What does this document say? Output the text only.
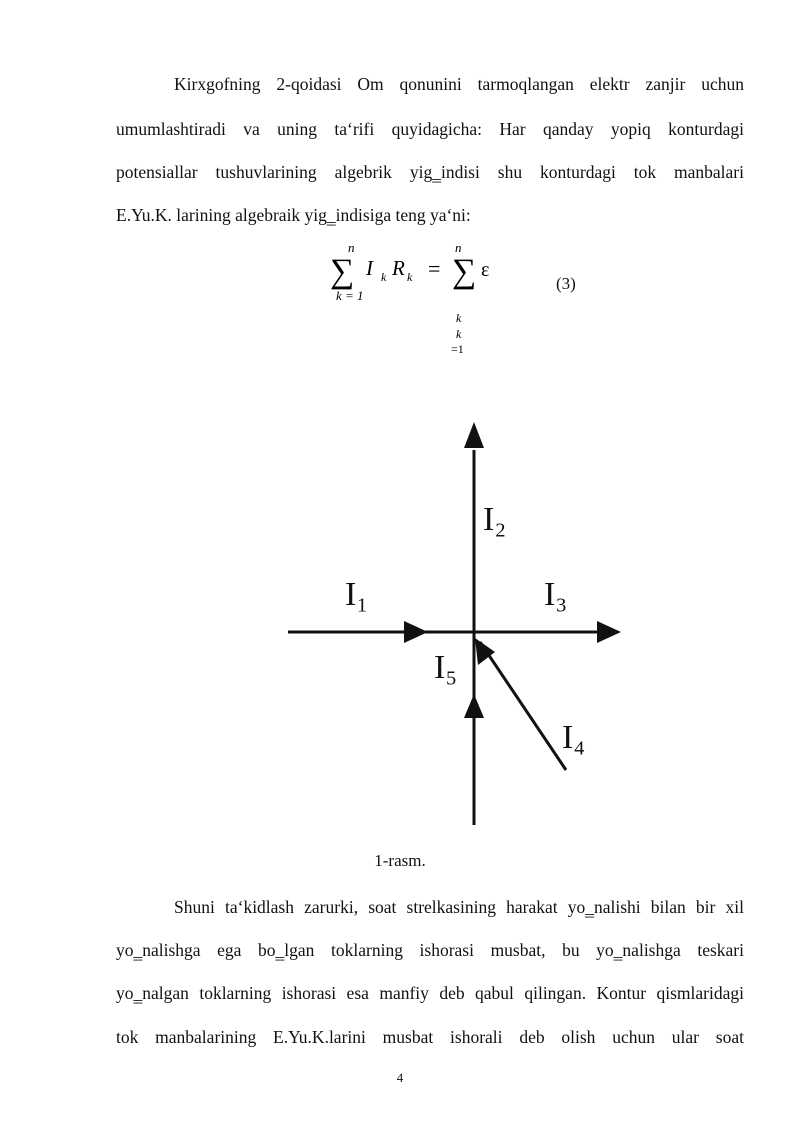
Kirxgofning 2-qoidasi Om qonunini tarmoqlangan elektr zanjir uchun

umumlashtiradi va uning ta‘rifi quyidagicha: Har qanday yopiq konturdagi

potensiallar tushuvlarining algebrik yig‗indisi shu konturdagi tok manbalari

E.Yu.K. larining algebraik yig‗indisiga teng ya‘ni:

∑
n
k = 1
I k R k = ∑
n
ε
k
k
=1
(3)
I₁
I₂
I₃
I₄
I₅
1-rasm.

Shuni ta‘kidlash zarurki, soat strelkasining harakat yo‗nalishi bilan bir xil

yo‗nalishga ega bo‗lgan toklarning ishorasi musbat, bu yo‗nalishga teskari

yo‗nalgan toklarning ishorasi esa manfiy deb qabul qilingan. Kontur qismlaridagi

tok manbalarining E.Yu.K.larini musbat ishorali deb olish uchun ular soat

4
